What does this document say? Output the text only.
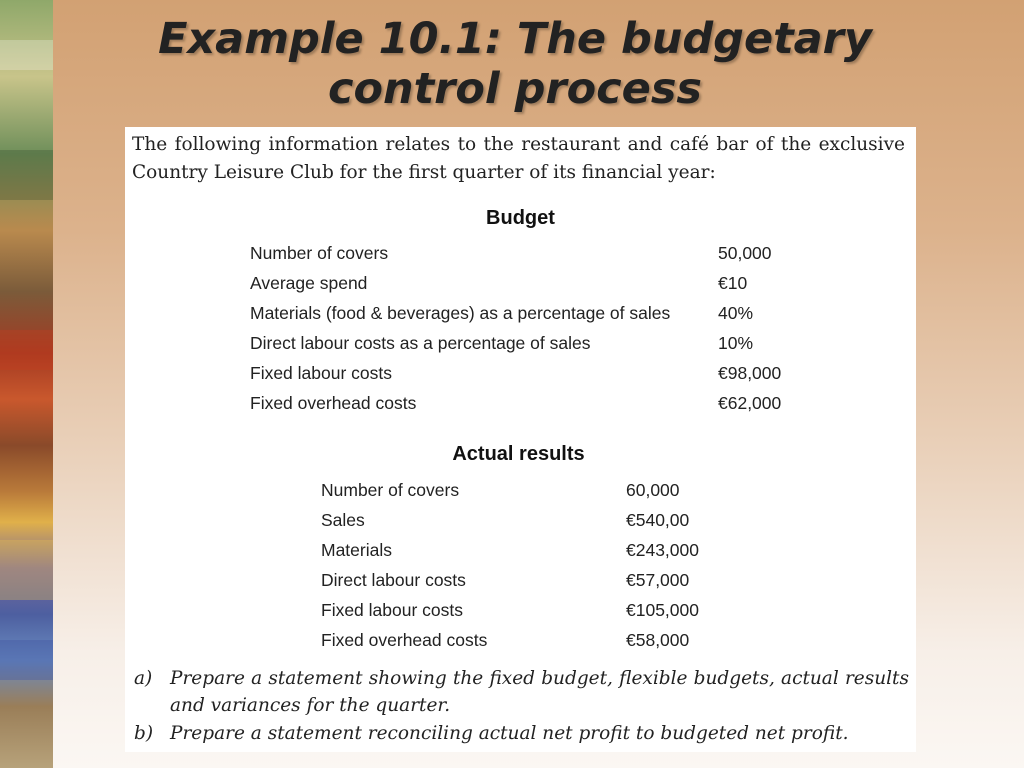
Example 10.1: The budgetary
control process

The following information relates to the restaurant and café bar of the exclusive Country Leisure Club for the first quarter of its financial year:

Budget
Number of covers	50,000
Average spend	€10
Materials (food & beverages) as a percentage of sales	40%
Direct labour costs as a percentage of sales	10%
Fixed labour costs	€98,000
Fixed overhead costs	€62,000
Actual results
Number of covers	60,000
Sales	€540,00
Materials	€243,000
Direct labour costs	€57,000
Fixed labour costs	€105,000
Fixed overhead costs	€58,000
a) Prepare a statement showing the fixed budget, flexible budgets, actual results and variances for the quarter.
b) Prepare a statement reconciling actual net profit to budgeted net profit.
